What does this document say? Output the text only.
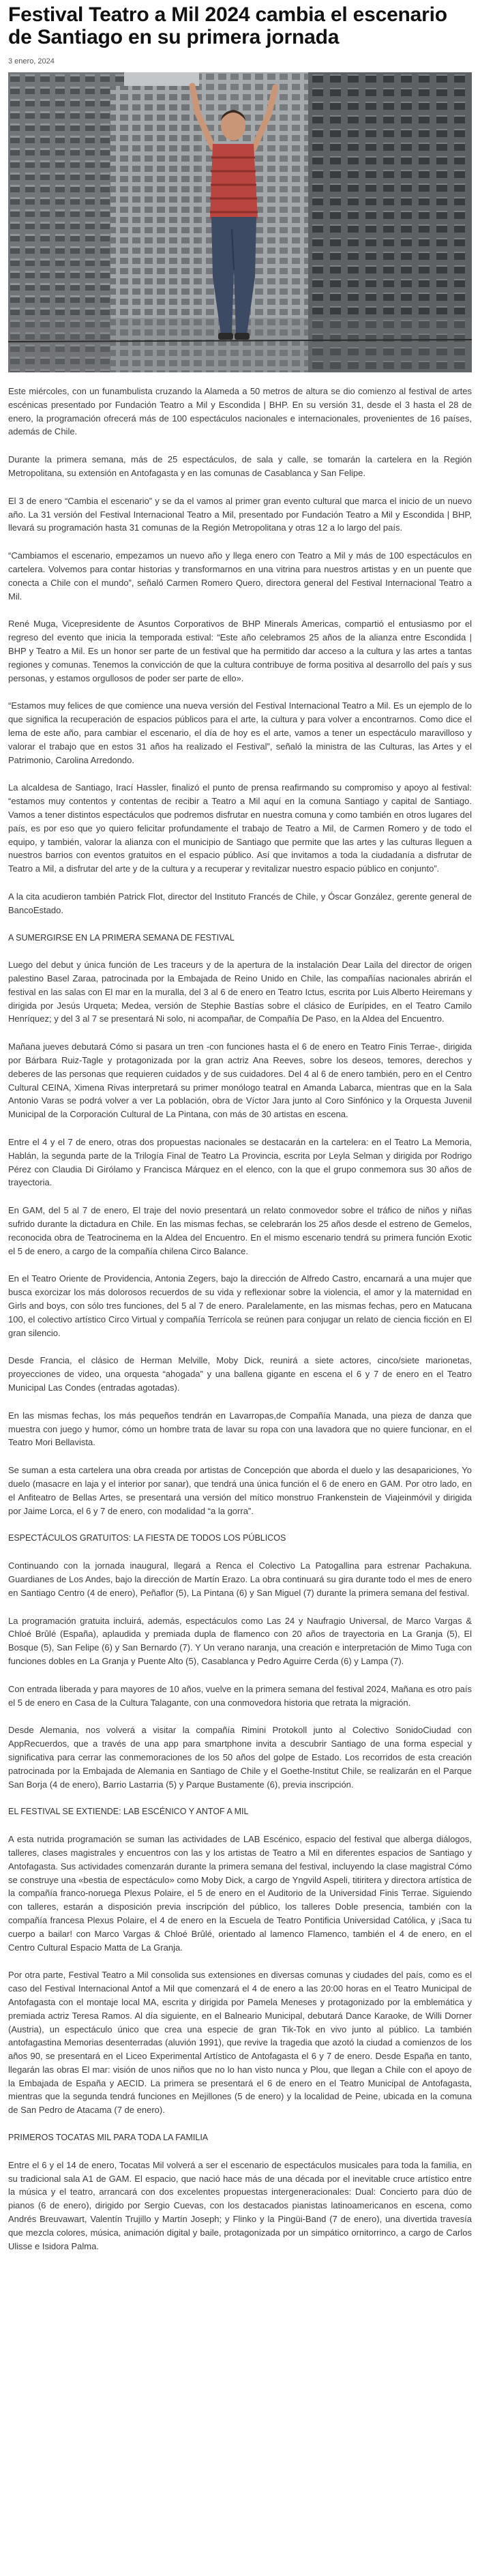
Festival Teatro a Mil 2024 cambia el escenario de Santiago en su primera jornada
3 enero, 2024

Este miércoles, con un funambulista cruzando la Alameda a 50 metros de altura se dio comienzo al festival de artes escénicas presentado por Fundación Teatro a Mil y Escondida | BHP. En su versión 31, desde el 3 hasta el 28 de enero, la programación ofrecerá más de 100 espectáculos nacionales e internacionales, provenientes de 16 países, además de Chile.

Durante la primera semana, más de 25 espectáculos, de sala y calle, se tomarán la cartelera en la Región Metropolitana, su extensión en Antofagasta y en las comunas de Casablanca y San Felipe.

El 3 de enero “Cambia el escenario” y se da el vamos al primer gran evento cultural que marca el inicio de un nuevo año. La 31 versión del Festival Internacional Teatro a Mil, presentado por Fundación Teatro a Mil y Escondida | BHP, llevará su programación hasta 31 comunas de la Región Metropolitana y otras 12 a lo largo del país.

“Cambiamos el escenario, empezamos un nuevo año y llega enero con Teatro a Mil y más de 100 espectáculos en cartelera. Volvemos para contar historias y transformarnos en una vitrina para nuestros artistas y en un puente que conecta a Chile con el mundo”, señaló Carmen Romero Quero, directora general del Festival Internacional Teatro a Mil.

René Muga, Vicepresidente de Asuntos Corporativos de BHP Minerals Americas, compartió el entusiasmo por el regreso del evento que inicia la temporada estival: “Este año celebramos 25 años de la alianza entre Escondida | BHP y Teatro a Mil. Es un honor ser parte de un festival que ha permitido dar acceso a la cultura y las artes a tantas regiones y comunas. Tenemos la convicción de que la cultura contribuye de forma positiva al desarrollo del país y sus personas, y estamos orgullosos de poder ser parte de ello».

“Estamos muy felices de que comience una nueva versión del Festival Internacional Teatro a Mil. Es un ejemplo de lo que significa la recuperación de espacios públicos para el arte, la cultura y para volver a encontrarnos. Como dice el lema de este año, para cambiar el escenario, el día de hoy es el arte, vamos a tener un espectáculo maravilloso y valorar el trabajo que en estos 31 años ha realizado el Festival”, señaló la ministra de las Culturas, las Artes y el Patrimonio, Carolina Arredondo.

La alcaldesa de Santiago, Irací Hassler, finalizó el punto de prensa reafirmando su compromiso y apoyo al festival: “estamos muy contentos y contentas de recibir a Teatro a Mil aquí en la comuna Santiago y capital de Santiago. Vamos a tener distintos espectáculos que podremos disfrutar en nuestra comuna y como también en otros lugares del país, es por eso que yo quiero felicitar profundamente el trabajo de Teatro a Mil, de Carmen Romero y de todo el equipo, y también, valorar la alianza con el municipio de Santiago que permite que las artes y las culturas lleguen a nuestros barrios con eventos gratuitos en el espacio público. Así que invitamos a toda la ciudadanía a disfrutar de Teatro a Mil, a disfrutar del arte y de la cultura y a recuperar y revitalizar nuestro espacio público en conjunto”.

A la cita acudieron también Patrick Flot, director del Instituto Francés de Chile, y Óscar González, gerente general de BancoEstado.

A SUMERGIRSE EN LA PRIMERA SEMANA DE FESTIVAL

Luego del debut y única función de Les traceurs y de la apertura de la instalación Dear Laila del director de origen palestino Basel Zaraa, patrocinada por la Embajada de Reino Unido en Chile, las compañías nacionales abrirán el festival en las salas con El mar en la muralla, del 3 al 6 de enero en Teatro Ictus, escrita por Luis Alberto Heiremans y dirigida por Jesús Urqueta; Medea, versión de Stephie Bastías sobre el clásico de Eurípides, en el Teatro Camilo Henríquez; y del 3 al 7 se presentará Ni solo, ni acompañar, de Compañía De Paso, en la Aldea del Encuentro.

Mañana jueves debutará Cómo si pasara un tren -con funciones hasta el 6 de enero en Teatro Finis Terrae-, dirigida por Bárbara Ruiz-Tagle y protagonizada por la gran actriz Ana Reeves, sobre los deseos, temores, derechos y deberes de las personas que requieren cuidados y de sus cuidadores. Del 4 al 6 de enero también, pero en el Centro Cultural CEINA, Ximena Rivas interpretará su primer monólogo teatral en Amanda Labarca, mientras que en la Sala Antonio Varas se podrá volver a ver La población, obra de Víctor Jara junto al Coro Sinfónico y la Orquesta Juvenil Municipal de la Corporación Cultural de La Pintana, con más de 30 artistas en escena.

Entre el 4 y el 7 de enero, otras dos propuestas nacionales se destacarán en la cartelera: en el Teatro La Memoria, Hablán, la segunda parte de la Trilogía Final de Teatro La Provincia, escrita por Leyla Selman y dirigida por Rodrigo Pérez con Claudia Di Girólamo y Francisca Márquez en el elenco, con la que el grupo conmemora sus 30 años de trayectoria.

En GAM, del 5 al 7 de enero, El traje del novio presentará un relato conmovedor sobre el tráfico de niños y niñas sufrido durante la dictadura en Chile. En las mismas fechas, se celebrarán los 25 años desde el estreno de Gemelos, reconocida obra de Teatrocinema en la Aldea del Encuentro. En el mismo escenario tendrá su primera función Exotic el 5 de enero, a cargo de la compañía chilena Circo Balance.

En el Teatro Oriente de Providencia, Antonia Zegers, bajo la dirección de Alfredo Castro, encarnará a una mujer que busca exorcizar los más dolorosos recuerdos de su vida y reflexionar sobre la violencia, el amor y la maternidad en Girls and boys, con sólo tres funciones, del 5 al 7 de enero. Paralelamente, en las mismas fechas, pero en Matucana 100, el colectivo artístico Circo Virtual y compañía Terrícola se reúnen para conjugar un relato de ciencia ficción en El gran silencio.

Desde Francia, el clásico de Herman Melville, Moby Dick, reunirá a siete actores, cinco/siete marionetas, proyecciones de video, una orquesta “ahogada” y una ballena gigante en escena el 6 y 7 de enero en el Teatro Municipal Las Condes (entradas agotadas).

En las mismas fechas, los más pequeños tendrán en Lavarropas,de Compañía Manada, una pieza de danza que muestra con juego y humor, cómo un hombre trata de lavar su ropa con una lavadora que no quiere funcionar, en el Teatro Mori Bellavista.

Se suman a esta cartelera una obra creada por artistas de Concepción que aborda el duelo y las desapariciones, Yo duelo (masacre en laja y el interior por sanar), que tendrá una única función el 6 de enero en GAM. Por otro lado, en el Anfiteatro de Bellas Artes, se presentará una versión del mítico monstruo Frankenstein de Viajeinmóvil y dirigida por Jaime Lorca, el 6 y 7 de enero, con modalidad “a la gorra”.

ESPECTÁCULOS GRATUITOS: LA FIESTA DE TODOS LOS PÚBLICOS

Continuando con la jornada inaugural, llegará a Renca el Colectivo La Patogallina para estrenar Pachakuna. Guardianes de Los Andes, bajo la dirección de Martín Erazo. La obra continuará su gira durante todo el mes de enero en Santiago Centro (4 de enero), Peñaflor (5), La Pintana (6) y San Miguel (7) durante la primera semana del festival.

La programación gratuita incluirá, además, espectáculos como Las 24 y Naufragio Universal, de Marco Vargas & Chloé Brûlé (España), aplaudida y premiada dupla de flamenco con 20 años de trayectoria en La Granja (5), El Bosque (5), San Felipe (6) y San Bernardo (7). Y Un verano naranja, una creación e interpretación de Mimo Tuga con funciones dobles en La Granja y Puente Alto (5), Casablanca y Pedro Aguirre Cerda (6) y Lampa (7).

Con entrada liberada y para mayores de 10 años, vuelve en la primera semana del festival 2024, Mañana es otro país el 5 de enero en Casa de la Cultura Talagante, con una conmovedora historia que retrata la migración.

Desde Alemania, nos volverá a visitar la compañía Rimini Protokoll junto al Colectivo SonidoCiudad con AppRecuerdos, que a través de una app para smartphone invita a descubrir Santiago de una forma especial y significativa para cerrar las conmemoraciones de los 50 años del golpe de Estado. Los recorridos de esta creación patrocinada por la Embajada de Alemania en Santiago de Chile y el Goethe-Institut Chile, se realizarán en el Parque San Borja (4 de enero), Barrio Lastarria (5) y Parque Bustamente (6), previa inscripción.

EL FESTIVAL SE EXTIENDE: LAB ESCÉNICO Y ANTOF A MIL

A esta nutrida programación se suman las actividades de LAB Escénico, espacio del festival que alberga diálogos, talleres, clases magistrales y encuentros con las y los artistas de Teatro a Mil en diferentes espacios de Santiago y Antofagasta. Sus actividades comenzarán durante la primera semana del festival, incluyendo la clase magistral Cómo se construye una «bestia de espectáculo» como Moby Dick, a cargo de Yngvild Aspeli, titiritera y directora artística de la compañía franco-noruega Plexus Polaire, el 5 de enero en el Auditorio de la Universidad Finis Terrae. Siguiendo con talleres, estarán a disposición previa inscripción del público, los talleres Doble presencia, también con la compañía francesa Plexus Polaire, el 4 de enero en la Escuela de Teatro Pontificia Universidad Católica, y ¡Saca tu cuerpo a bailar! con Marco Vargas & Chloé Brûlé, orientado al lamenco Flamenco, también el 4 de enero, en el Centro Cultural Espacio Matta de La Granja.

Por otra parte, Festival Teatro a Mil consolida sus extensiones en diversas comunas y ciudades del país, como es el caso del Festival Internacional Antof a Mil que comenzará el 4 de enero a las 20:00 horas en el Teatro Municipal de Antofagasta con el montaje local MA, escrita y dirigida por Pamela Meneses y protagonizado por la emblemática y premiada actriz Teresa Ramos. Al día siguiente, en el Balneario Municipal, debutará Dance Karaoke, de Willi Dorner (Austria), un espectáculo único que crea una especie de gran Tik-Tok en vivo junto al público. La también antofagastina Memorias desenterradas (aluvión 1991), que revive la tragedia que azotó la ciudad a comienzos de los años 90, se presentará en el Liceo Experimental Artístico de Antofagasta el 6 y 7 de enero. Desde España en tanto, llegarán las obras El mar: visión de unos niños que no lo han visto nunca y Plou, que llegan a Chile con el apoyo de la Embajada de España y AECID. La primera se presentará el 6 de enero en el Teatro Municipal de Antofagasta, mientras que la segunda tendrá funciones en Mejillones (5 de enero) y la localidad de Peine, ubicada en la comuna de San Pedro de Atacama (7 de enero).

PRIMEROS TOCATAS MIL PARA TODA LA FAMILIA

Entre el 6 y el 14 de enero, Tocatas Mil volverá a ser el escenario de espectáculos musicales para toda la familia, en su tradicional sala A1 de GAM. El espacio, que nació hace más de una década por el inevitable cruce artístico entre la música y el teatro, arrancará con dos excelentes propuestas intergeneracionales: Dual: Concierto para dúo de pianos (6 de enero), dirigido por Sergio Cuevas, con los destacados pianistas latinoamericanos en escena, como Andrés Breuvawart, Valentín Trujillo y Martín Joseph; y Flinko y la Pingüi-Band (7 de enero), una divertida travesía que mezcla colores, música, animación digital y baile, protagonizada por un simpático ornitorrinco, a cargo de Carlos Ulisse e Isidora Palma.
